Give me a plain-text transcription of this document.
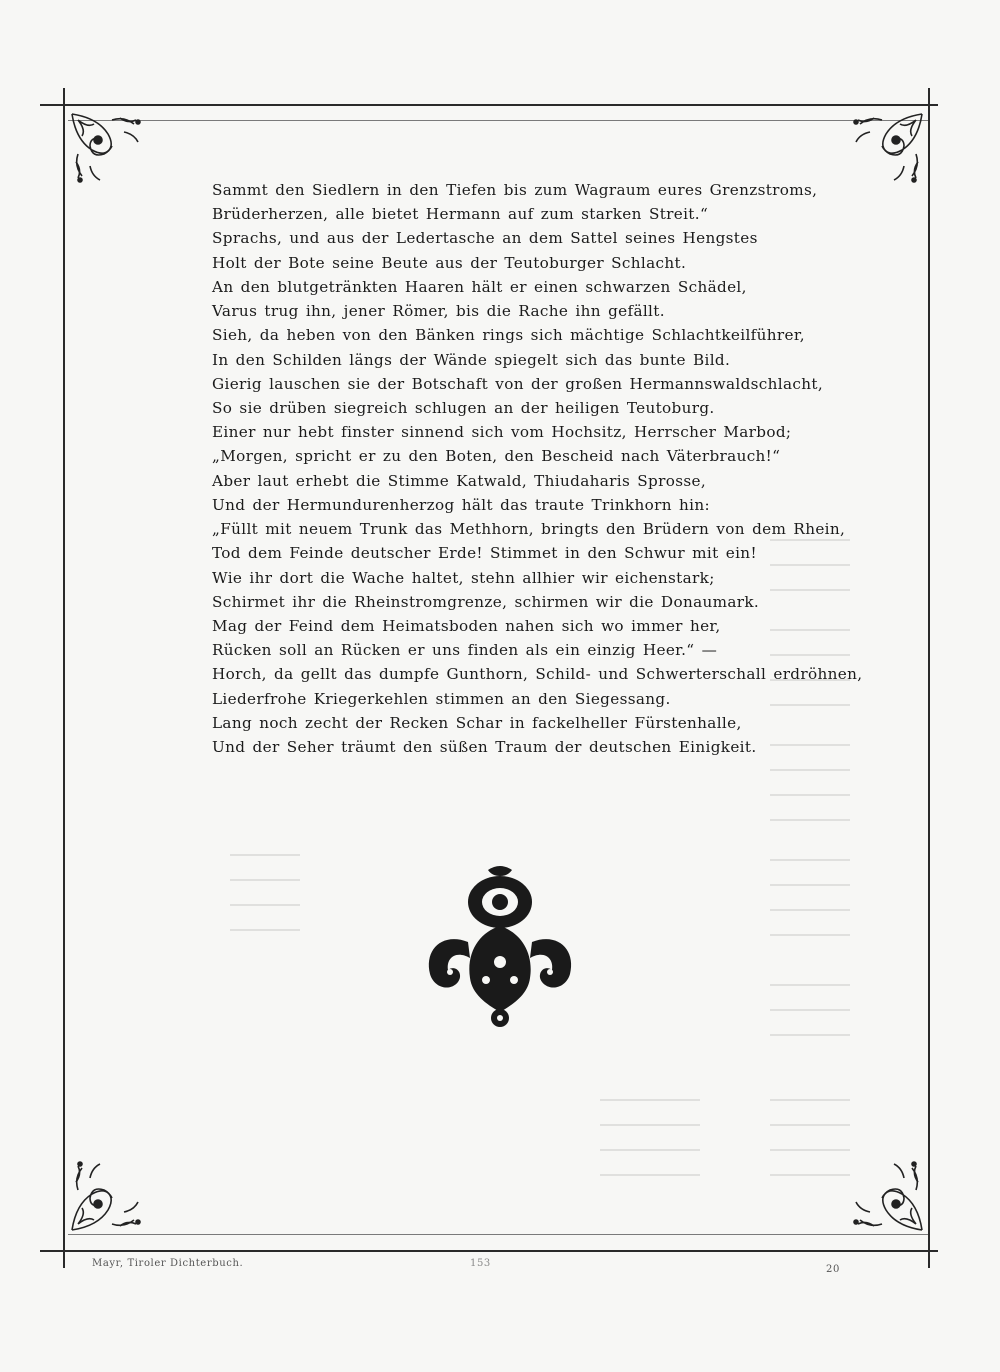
Sammt den Siedlern in den Tiefen bis zum Wagraum eures Grenzstroms,
Brüderherzen, alle bietet Hermann auf zum starken Streit.“
Sprachs, und aus der Ledertasche an dem Sattel seines Hengstes
Holt der Bote seine Beute aus der Teutoburger Schlacht.
An den blutgetränkten Haaren hält er einen schwarzen Schädel,
Varus trug ihn, jener Römer, bis die Rache ihn gefällt.
Sieh, da heben von den Bänken rings sich mächtige Schlachtkeilführer,
In den Schilden längs der Wände spiegelt sich das bunte Bild.
Gierig lauschen sie der Botschaft von der großen Hermannswaldschlacht,
So sie drüben siegreich schlugen an der heiligen Teutoburg.
Einer nur hebt finster sinnend sich vom Hochsitz, Herrscher Marbod;
„Morgen, spricht er zu den Boten, den Bescheid nach Väterbrauch!“
Aber laut erhebt die Stimme Katwald, Thiudaharis Sprosse,
Und der Hermundurenherzog hält das traute Trinkhorn hin:
„Füllt mit neuem Trunk das Methhorn, bringts den Brüdern von dem Rhein,
Tod dem Feinde deutscher Erde! Stimmet in den Schwur mit ein!
Wie ihr dort die Wache haltet, stehn allhier wir eichenstark;
Schirmet ihr die Rheinstromgrenze, schirmen wir die Donaumark.
Mag der Feind dem Heimatsboden nahen sich wo immer her,
Rücken soll an Rücken er uns finden als ein einzig Heer.“ —
Horch, da gellt das dumpfe Gunthorn, Schild- und Schwerterschall erdröhnen,
Liederfrohe Kriegerkehlen stimmen an den Siegessang.
Lang noch zecht der Recken Schar in fackelheller Fürstenhalle,
Und der Seher träumt den süßen Traum der deutschen Einigkeit.
Mayr, Tiroler Dichterbuch.	153
20
